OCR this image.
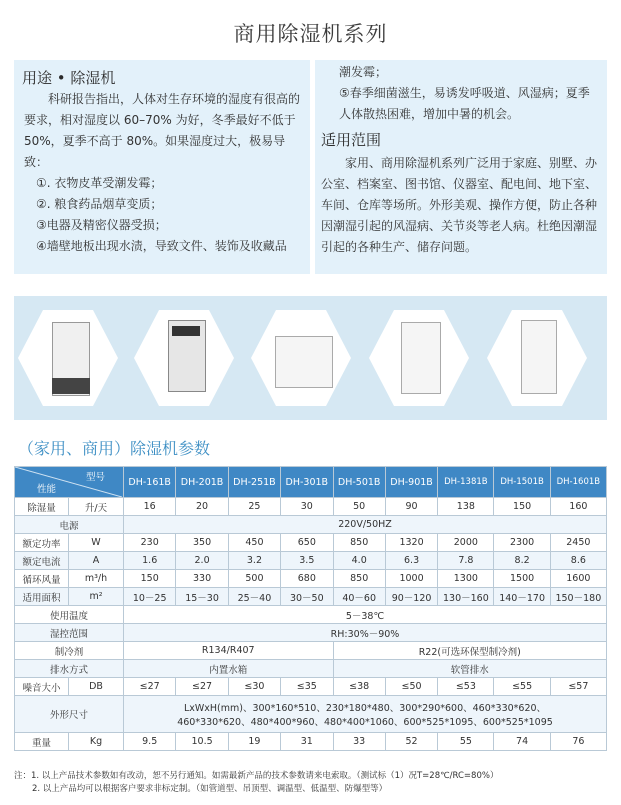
商用除湿机系列
用途 • 除湿机

科研报告指出，人体对生存环境的湿度有很高的要求，相对湿度以 60–70% 为好，冬季最好不低于 50%，夏季不高于 80%。如果湿度过大，极易导致：

①. 衣物皮革受潮发霉；

②. 粮食药品烟草变质；

③电器及精密仪器受损；

④墙壁地板出现水渍，导致文件、装饰及收藏品

潮发霉；

⑤春季细菌滋生，易诱发呼吸道、风湿病；夏季人体散热困难，增加中暑的机会。

适用范围

家用、商用除湿机系列广泛用于家庭、别墅、办公室、档案室、图书馆、仪器室、配电间、地下室、车间、仓库等场所。外形美观、操作方便，防止各种因潮湿引起的风湿病、关节炎等老人病。杜绝因潮湿引起的各种生产、储存问题。

（家用、商用）除湿机参数
型号
性能		DH-161B	DH-201B	DH-251B	DH-301B	DH-501B	DH-901B	DH-1381B	DH-1501B	DH-1601B
除湿量	升/天	16	20	25	30	50	90	138	150	160
电源		220V/50HZ								
额定功率	W	230	350	450	650	850	1320	2000	2300	2450
额定电流	A	1.6	2.0	3.2	3.5	4.0	6.3	7.8	8.2	8.6
循环风量	m³/h	150	330	500	680	850	1000	1300	1500	1600
适用面积	m²	10－25	15－30	25－40	30－50	40－60	90－120	130－160	140－170	150－180
使用温度		5－38℃								
湿控范围		RH:30%－90%								
制冷剂		R134/R407				R22(可选环保型制冷剂)				
排水方式		内置水箱				软管排水				
噪音大小	DB	≤27	≤27	≤30	≤35	≤38	≤50	≤53	≤55	≤57
外形尺寸		LxWxH(mm)、300*160*510、230*180*480、300*290*600、460*330*620、
460*330*620、480*400*960、480*400*1060、600*525*1095、600*525*1095								

重量	Kg	9.5	10.5	19	31	33	52	55	74	76
注：1. 以上产品技术参数如有改动，恕不另行通知。如需最新产品的技术参数请来电索取。（测试标（1）况T=28℃/RC=80%）
2. 以上产品均可以根据客户要求非标定制。（如管道型、吊顶型、调温型、低温型、防爆型等）
